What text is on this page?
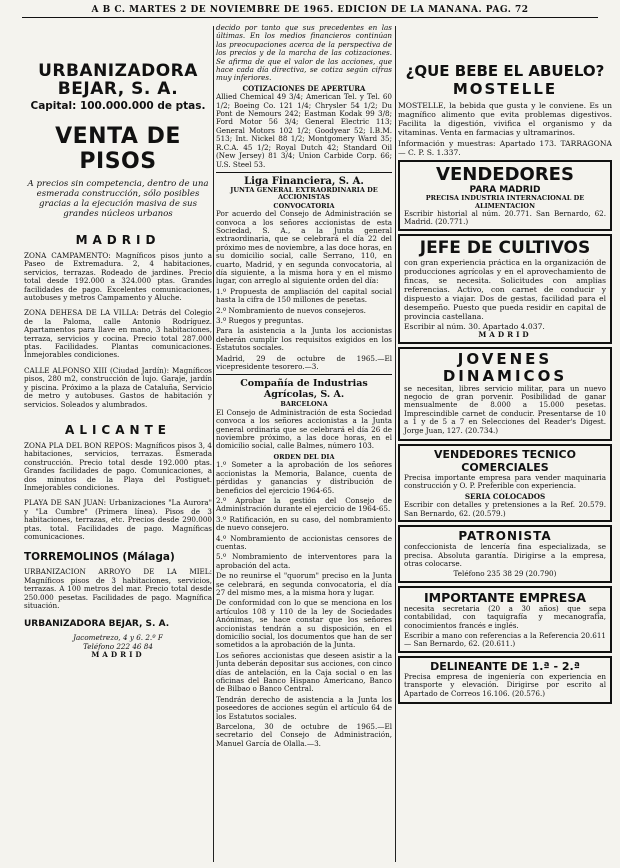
A B C. MARTES 2 DE NOVIEMBRE DE 1965. EDICION DE LA MAÑANA. PAG. 72
URBANIZADORA
BEJAR, S. A.
Capital: 100.000.000 de ptas.
VENTA DE PISOS
A precios sin competencia, dentro de una esmerada construcción, sólo posibles gracias a la ejecución masiva de sus grandes núcleos urbanos
MADRID

ZONA CAMPAMENTO: Magníficos pisos junto a Paseo de Extremadura. 2, 4 habitaciones, servicios, terrazas. Rodeado de jardines. Precio total desde 192.000 a 324.000 ptas. Grandes facilidades de pago. Excelentes comunicaciones, autobuses y metros Campamento y Aluche.

ZONA DEHESA DE LA VILLA: Detrás del Colegio de la Paloma, calle Antonio Rodríguez. Apartamentos para llave en mano, 3 habitaciones, terraza, servicios y cocina. Precio total 287.000 ptas. Facilidades. Plantas comunicaciones. Inmejorables condiciones.

CALLE ALFONSO XIII (Ciudad Jardín): Magníficos pisos, 280 m2, construcción de lujo. Garaje, jardín y piscina. Próximo a la plaza de Cataluña, Servicio de metro y autobuses. Gastos de habitación y servicios. Soleados y alumbrados.

ALICANTE

ZONA PLA DEL BON REPOS: Magníficos pisos 3, 4 habitaciones, servicios, terrazas. Esmerada construcción. Precio total desde 192.000 ptas. Grandes facilidades de pago. Comunicaciones, a dos minutos de la Playa del Postiguet. Inmejorables condiciones.

PLAYA DE SAN JUAN: Urbanizaciones "La Aurora" y "La Cumbre" (Primera línea). Pisos de 3 habitaciones, terrazas, etc. Precios desde 290.000 ptas. total. Facilidades de pago. Magníficas comunicaciones.

TORREMOLINOS (Málaga)

URBANIZACION ARROYO DE LA MIEL: Magníficos pisos de 3 habitaciones, servicios, terrazas. A 100 metros del mar. Precio total desde 250.000 pesetas. Facilidades de pago. Magnífica situación.

URBANIZADORA BEJAR, S. A.
Jacometrezo, 4 y 6. 2.º F
Teléfono 222 46 84
MADRID

decido por tanto que sus precedentes en las últimas. En los medios financieros continúan las preocupaciones acerca de la perspectiva de los precios y de la marcha de las cotizaciones. Se afirma de que el valor de las acciones, que hace cada día directiva, se cotiza según cifras muy inferiores.

COTIZACIONES DE APERTURA

Allied Chemical 49 3/4; American Tel. y Tel. 60 1/2; Boeing Co. 121 1/4; Chrysler 54 1/2; Du Pont de Nemours 242; Eastman Kodak 99 3/8; Ford Motor 56 3/4; General Electric 113; General Motors 102 1/2; Goodyear 52; I.B.M. 513; Int. Nickel 88 1/2; Montgomery Ward 35; R.C.A. 45 1/2; Royal Dutch 42; Standard Oil (New Jersey) 81 3/4; Union Carbide Corp. 66; U.S. Steel 53.

Liga Financiera, S. A.
JUNTA GENERAL EXTRAORDINARIA DE ACCIONISTAS
CONVOCATORIA

Por acuerdo del Consejo de Administración se convoca a los señores accionistas de esta Sociedad, S. A., a la Junta general extraordinaria, que se celebrará el día 22 del próximo mes de noviembre, a las doce horas, en su domicilio social, calle Serrano, 110, en cuarto, Madrid, y en segunda convocatoria, al día siguiente, a la misma hora y en el mismo lugar, con arreglo al siguiente orden del día:

1.º Propuesta de ampliación del capital social hasta la cifra de 150 millones de pesetas.

2.º Nombramiento de nuevos consejeros.

3.º Ruegos y preguntas.

Para la asistencia a la Junta los accionistas deberán cumplir los requisitos exigidos en los Estatutos sociales.

Madrid, 29 de octubre de 1965.—El vicepresidente tesorero.—3.

Compañía de Industrias Agrícolas, S. A.
BARCELONA

El Consejo de Administración de esta Sociedad convoca a los señores accionistas a la Junta general ordinaria que se celebrará el día 26 de noviembre próximo, a las doce horas, en el domicilio social, calle Balmes, número 103.

ORDEN DEL DIA

1.º Someter a la aprobación de los señores accionistas la Memoria, Balance, cuenta de pérdidas y ganancias y distribución de beneficios del ejercicio 1964-65.

2.º Aprobar la gestión del Consejo de Administración durante el ejercicio de 1964-65.

3.º Ratificación, en su caso, del nombramiento de nuevo consejero.

4.º Nombramiento de accionistas censores de cuentas.

5.º Nombramiento de interventores para la aprobación del acta.

De no reunirse el "quorum" preciso en la Junta se celebrará, en segunda convocatoria, el día 27 del mismo mes, a la misma hora y lugar.

De conformidad con lo que se menciona en los artículos 108 y 110 de la ley de Sociedades Anónimas, se hace constar que los señores accionistas tendrán a su disposición, en el domicilio social, los documentos que han de ser sometidos a la aprobación de la Junta.

Los señores accionistas que deseen asistir a la Junta deberán depositar sus acciones, con cinco días de antelación, en la Caja social o en las oficinas del Banco Hispano Americano, Banco de Bilbao o Banco Central.

Tendrán derecho de asistencia a la Junta los poseedores de acciones según el artículo 64 de los Estatutos sociales.

Barcelona, 30 de octubre de 1965.—El secretario del Consejo de Administración, Manuel García de Olalla.—3.

¿QUE BEBE EL ABUELO?
MOSTELLE

MOSTELLE, la bebida que gusta y le conviene. Es un magnífico alimento que evita problemas digestivos. Facilita la digestión, vivifica el organismo y da vitaminas. Venta en farmacias y ultramarinos.

Información y muestras: Apartado 173. TARRAGONA — C. P. S. 1.337.

VENDEDORES
PARA MADRID
PRECISA INDUSTRIA INTERNACIONAL DE ALIMENTACION
Escribir historial al núm. 20.771. San Bernardo, 62. Madrid. (20.771.)
JEFE DE CULTIVOS

con gran experiencia práctica en la organización de producciones agrícolas y en el aprovechamiento de fincas, se necesita. Solicitudes con amplias referencias. Activo, con carnet de conducir y dispuesto a viajar. Dos de gestas, facilidad para el desempeño. Puesto que pueda residir en capital de provincia castellana.

Escribir al núm. 30. Apartado 4.037.
MADRID
JOVENES
DINAMICOS

se necesitan, libres servicio militar, para un nuevo negocio de gran porvenir. Posibilidad de ganar mensualmente de 8.000 a 15.000 pesetas. Imprescindible carnet de conducir. Presentarse de 10 a 1 y de 5 a 7 en Selecciones del Reader's Digest. Jorge Juan, 127. (20.734.)

VENDEDORES TECNICO
COMERCIALES

Precisa importante empresa para vender maquinaria construcción y O. P. Preferible con experiencia.

SERIA COLOCADOS
Escribir con detalles y pretensiones a la Ref. 20.579. San Bernardo, 62. (20.579.)
PATRONISTA

confeccionista de lencería fina especializada, se precisa. Absoluta garantía. Dirigirse a la empresa, otras colocarse.

Teléfono 235 38 29 (20.790)
IMPORTANTE EMPRESA

necesita secretaria (20 a 30 años) que sepa contabilidad, con taquigrafía y mecanografía, conocimientos francés e inglés.

Escribir a mano con referencias a la Referencia 20.611 — San Bernardo, 62. (20.611.)
DELINEANTE DE 1.ª - 2.ª

Precisa empresa de ingeniería con experiencia en transporte y elevación. Dirigirse por escrito al Apartado de Correos 16.106. (20.576.)
